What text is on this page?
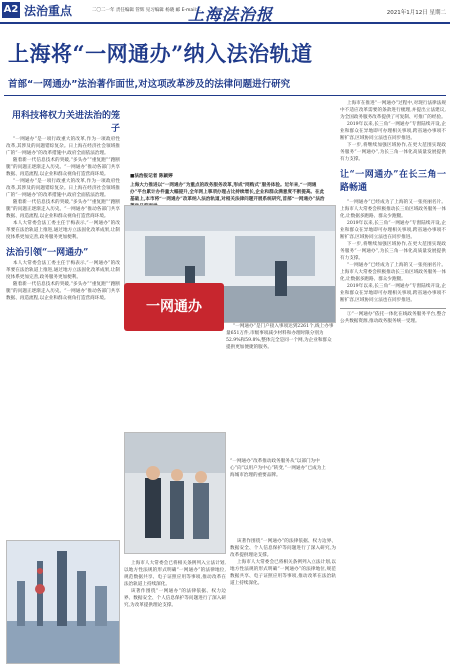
A2 法治重点	二〇二一年 责任编辑 管辉 见习编辑 杨晓 邮 E-mail:...
上海法治报	2021年1月12日 星期二
上海将“一网通办”纳入法治轨道
首部“一网通办”法治著作面世,对这项改革涉及的法律问题进行研究
用科技将权力关进法治的笼子

“一网通办”是一项行政重大的改革,作为一项政府性改革,其涉及的问题错综复杂。日上海在经济社会领域推广的“一网通办”的改革措施中,政府全面依法治理。

随着新一代信息技术的突破,“多头办”“重复跑”“跑断腿”的问题正逐渐走入历史。“一网通办”推动各部门共享数据、再造流程,以企业和群众视角打造营商环境。

“一网通办”是一项行政重大的改革,作为一项政府性改革,其涉及的问题错综复杂。日上海在经济社会领域推广的“一网通办”的改革措施中,政府全面依法治理。

随着新一代信息技术的突破,“多头办”“重复跑”“跑断腿”的问题正逐渐走入历史。“一网通办”推动各部门共享数据、再造流程,以企业和群众视角打造营商环境。

本人大常委会法工委主任于梅表示,“一网通办”的改革要在法治轨道上推进,通过地方立法固化改革成果,让制度体系更加完善,政务服务更加便利。

法治引领“一网通办”

本人大常委会法工委主任于梅表示,“一网通办”的改革要在法治轨道上推进,通过地方立法固化改革成果,让制度体系更加完善,政务服务更加便利。

随着新一代信息技术的突破,“多头办”“重复跑”“跑断腿”的问题正逐渐走入历史。“一网通办”推动各部门共享数据、再造流程,以企业和群众视角打造营商环境。

■法治报记者 陈颖婷
上海大力推进以“一网通办”为重点的政务服务改革,形成“网购式”服务体验。近年来,“一网通办”平台累计办件量大幅提升,全年网上事项办理占比持续增长,企业和群众满意度不断提高。在此基础上,本市将“一网通办”改革纳入法治轨道,对相关法律问题开展系统研究,首部“一网通办”法治
一网通办
“一网通办”是门户接入事项达到2261个,线上办事量651万件,市级事项减少材料和办理时限分别为52.9%和59.8%,整体完全是同一个网,为企业和群众提供更加便捷的服务。
“一网通办”改革推动政务服务从“以部门为中心”向“以用户为中心”转变,“一网通办”已成为上海城市治理的重要品牌。

上海市人大常委会已将相关条例列入立法计划,以地方性法规的形式明确“一网通办”的法律地位,规范数据共享、电子证照应用等事项,推动改革在法治轨道上持续深化。

该著作围绕“一网通办”的法律依据、权力边界、数据安全、个人信息保护等问题进行了深入研究,为改革提供理论支撑。

该著作围绕“一网通办”的法律依据、权力边界、数据安全、个人信息保护等问题进行了深入研究,为改革提供理论支撑。

上海市人大常委会已将相关条例列入立法计划,以地方性法规的形式明确“一网通办”的法律地位,规范数据共享、电子证照应用等事项,推动改革在法治轨道上持续深化。

上海市在推进“一网通办”过程中,对现行法律法规中不适应改革需要的条款进行梳理,并提出立法建议,为全国政务服务改革提供了可复制、可推广的经验。

2019年以来,长三角“一网通办”专窗陆续开设,企业和群众在异地即可办理相关事项,跨省通办事项不断扩容,区域协同立法也在同步推进。

下一步,将继续加强区域协作,在更大范围实现政务服务“一网通办”,为长三角一体化高质量发展提供有力支撑。

让“一网通办”在长三角一路畅通

“一网通办”已经成为了上海的又一张亮丽名片。上海市人大常委会积极推动长三角区域政务服务一体化,让数据多跑路、群众少跑腿。

2019年以来,长三角“一网通办”专窗陆续开设,企业和群众在异地即可办理相关事项,跨省通办事项不断扩容,区域协同立法也在同步推进。

下一步,将继续加强区域协作,在更大范围实现政务服务“一网通办”,为长三角一体化高质量发展提供有力支撑。

“一网通办”已经成为了上海的又一张亮丽名片。上海市人大常委会积极推动长三角区域政务服务一体化,让数据多跑路、群众少跑腿。

2019年以来,长三角“一网通办”专窗陆续开设,企业和群众在异地即可办理相关事项,跨省通办事项不断扩容,区域协同立法也在同步推进。

①“一网通办”依托一体化在线政务服务平台,整合公共数据资源,推动政务服务统一受理。
